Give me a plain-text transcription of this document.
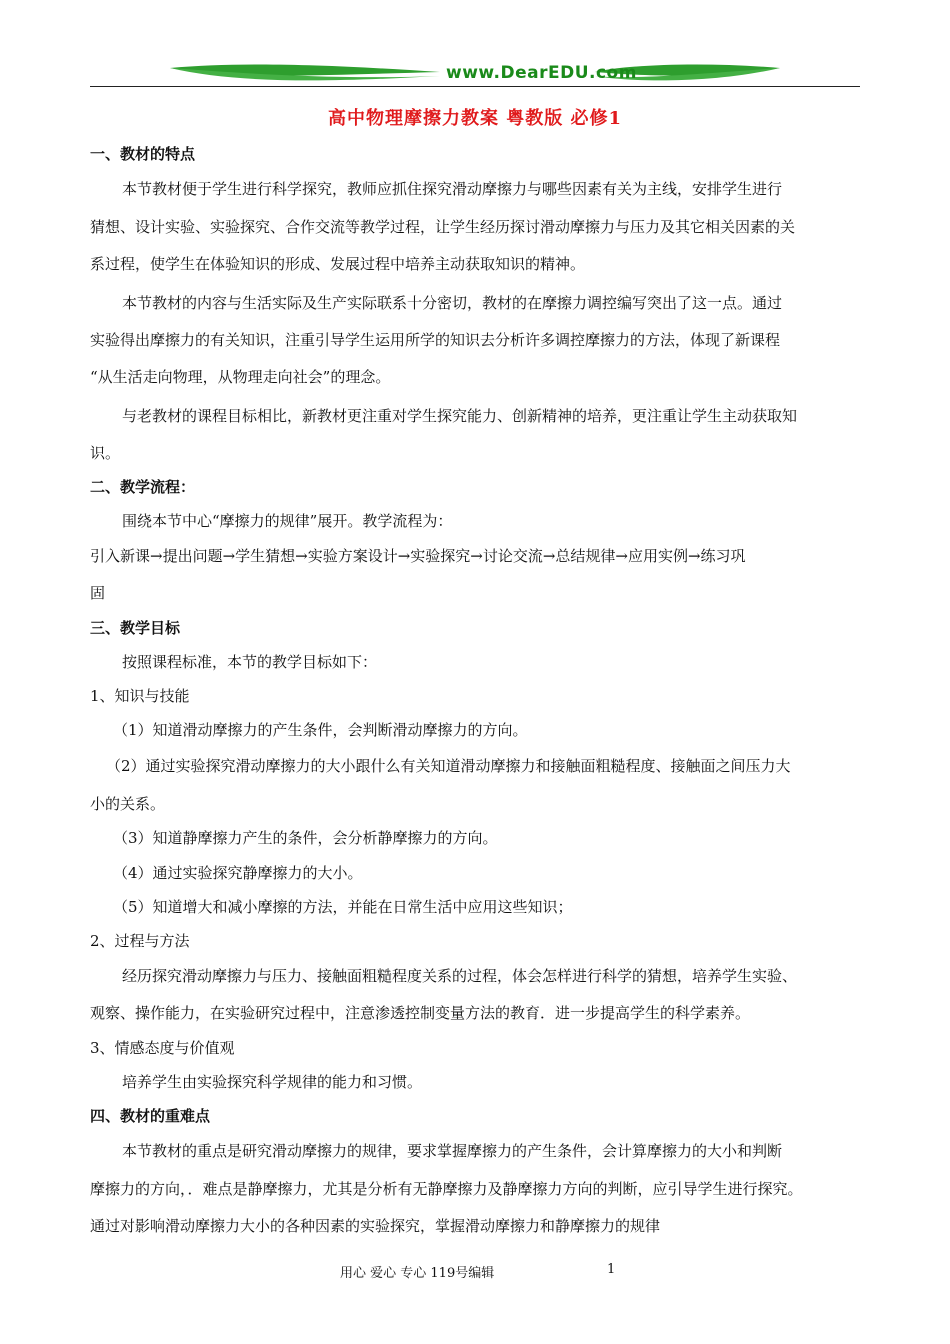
www.DearEDU.com
高中物理摩擦力教案 粤教版 必修1
一、教材的特点
本节教材便于学生进行科学探究，教师应抓住探究滑动摩擦力与哪些因素有关为主线，安排学生进行
猜想、设计实验、实验探究、合作交流等教学过程，让学生经历探讨滑动摩擦力与压力及其它相关因素的关
系过程，使学生在体验知识的形成、发展过程中培养主动获取知识的精神。
本节教材的内容与生活实际及生产实际联系十分密切，教材的在摩擦力调控编写突出了这一点。通过
实验得出摩擦力的有关知识，注重引导学生运用所学的知识去分析许多调控摩擦力的方法，体现了新课程
“从生活走向物理，从物理走向社会”的理念。
与老教材的课程目标相比，新教材更注重对学生探究能力、创新精神的培养，更注重让学生主动获取知
识。
二、教学流程：
围绕本节中心“摩擦力的规律”展开。教学流程为：
引入新课→提出问题→学生猜想→实验方案设计→实验探究→讨论交流→总结规律→应用实例→练习巩
固
三、教学目标
按照课程标准，本节的教学目标如下：
1、知识与技能
（1）知道滑动摩擦力的产生条件，会判断滑动摩擦力的方向。
（2）通过实验探究滑动摩擦力的大小跟什么有关知道滑动摩擦力和接触面粗糙程度、接触面之间压力大
小的关系。
（3）知道静摩擦力产生的条件，会分析静摩擦力的方向。
（4）通过实验探究静摩擦力的大小。
（5）知道增大和减小摩擦的方法，并能在日常生活中应用这些知识；
2、过程与方法
经历探究滑动摩擦力与压力、接触面粗糙程度关系的过程，体会怎样进行科学的猜想，培养学生实验、
观察、操作能力，在实验研究过程中，注意渗透控制变量方法的教育．进一步提高学生的科学素养。
3、情感态度与价值观
培养学生由实验探究科学规律的能力和习惯。
四、教材的重难点
本节教材的重点是研究滑动摩擦力的规律，要求掌握摩擦力的产生条件，会计算摩擦力的大小和判断
摩擦力的方向，．难点是静摩擦力，尤其是分析有无静摩擦力及静摩擦力方向的判断，应引导学生进行探究。
通过对影响滑动摩擦力大小的各种因素的实验探究，掌握滑动摩擦力和静摩擦力的规律
用心 爱心 专心 119号编辑	1
